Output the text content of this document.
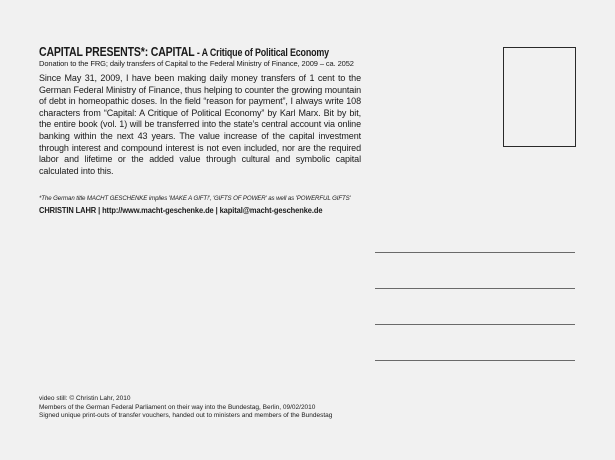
CAPITAL PRESENTS*: CAPITAL - A Critique of Political Economy
Donation to the FRG; daily transfers of Capital to the Federal Ministry of Finance, 2009 – ca. 2052
Since May 31, 2009, I have been making daily money transfers of 1 cent to the German Federal Ministry of Finance, thus helping to counter the growing mountain of debt in homeopathic doses. In the field “reason for payment”, I always write 108 characters from “Capital: A Critique of Political Economy” by Karl Marx. Bit by bit, the entire book (vol. 1) will be transferred into the state’s central account via online banking within the next 43 years. The value increase of the capital investment through interest and compound interest is not even included, nor are the required labor and lifetime or the added value through cultural and symbolic capital calculated into this.
*The German title MACHT GESCHENKE implies 'MAKE A GIFT!', 'GIFTS OF POWER' as well as 'POWERFUL GIFTS'
CHRISTIN LAHR | http://www.macht-geschenke.de | kapital@macht-geschenke.de
video still: © Christin Lahr, 2010
Members of the German Federal Parliament on their way into the Bundestag, Berlin, 09/02/2010
Signed unique print-outs of transfer vouchers, handed out to ministers and members of the Bundestag
